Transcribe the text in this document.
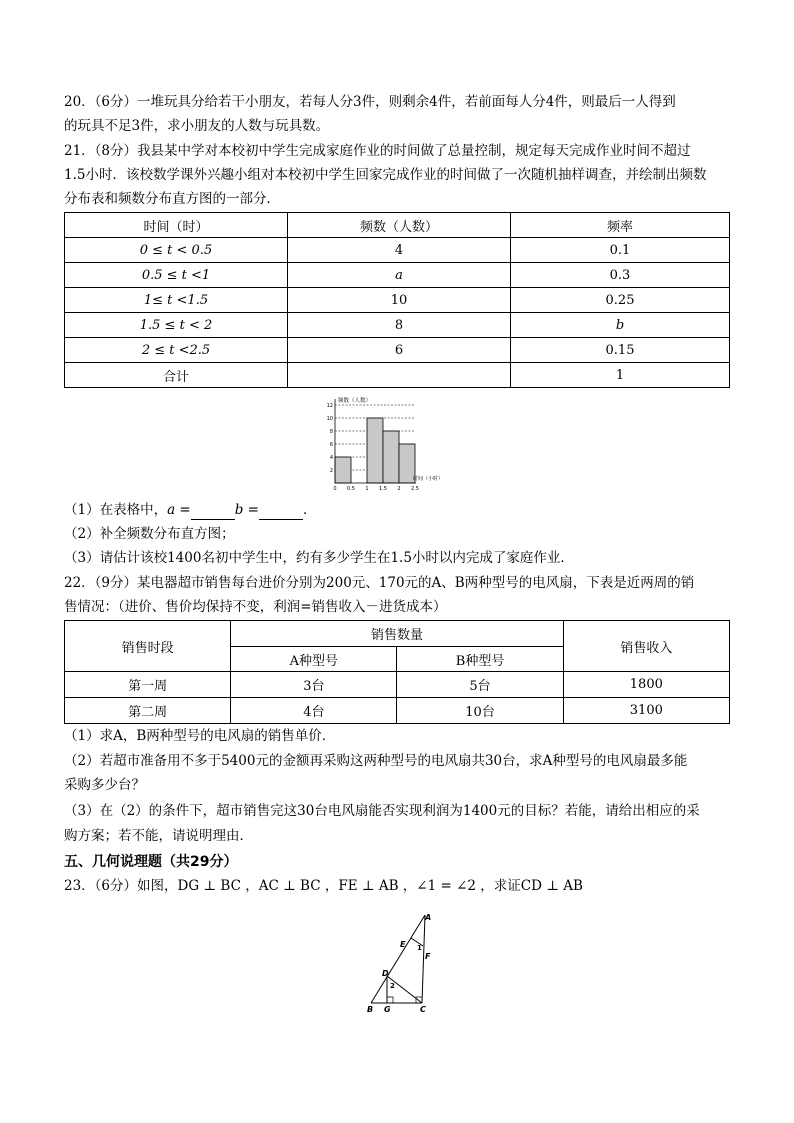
20．（6分）一堆玩具分给若干小朋友，若每人分3件，则剩余4件，若前面每人分4件，则最后一人得到
的玩具不足3件，求小朋友的人数与玩具数。
21．（8分）我县某中学对本校初中学生完成家庭作业的时间做了总量控制，规定每天完成作业时间不超过
1.5小时．该校数学课外兴趣小组对本校初中学生回家完成作业的时间做了一次随机抽样调查，并绘制出频数
分布表和频数分布直方图的一部分．
时间（时）	频数（人数）	频率
0 ≤ t < 0.5	4	0.1
0.5 ≤ t <1	a	0.3
1≤ t <1.5	10	0.25
1.5 ≤ t < 2	8	b
2 ≤ t <2.5	6	0.15
合计		1
2
4
6
8
10
12
0 0.5 1 1.5 2 2.5
频数（人数）
时间（小时）
（1）在表格中，a =	b =	．
（2）补全频数分布直方图；
（3）请估计该校1400名初中学生中，约有多少学生在1.5小时以内完成了家庭作业．
22．（9分）某电器超市销售每台进价分别为200元、170元的A、B两种型号的电风扇，下表是近两周的销
售情况：（进价、售价均保持不变，利润=销售收入－进货成本）
销售时段	销售数量		销售收入
	A种型号	B种型号	
第一周	3台	5台	1800
第二周	4台	10台	3100
（1）求A，B两种型号的电风扇的销售单价．
（2）若超市准备用不多于5400元的金额再采购这两种型号的电风扇共30台，求A种型号的电风扇最多能
采购多少台？
（3）在（2）的条件下，超市销售完这30台电风扇能否实现利润为1400元的目标？若能，请给出相应的采
购方案；若不能，请说明理由．
五、几何说理题（共29分）
23．（6分）如图，DG ⊥ BC ，AC ⊥ BC ，FE ⊥ AB ，∠1 = ∠2 ，求证CD ⊥ AB
A
E
F
D
B G	C
1
2
